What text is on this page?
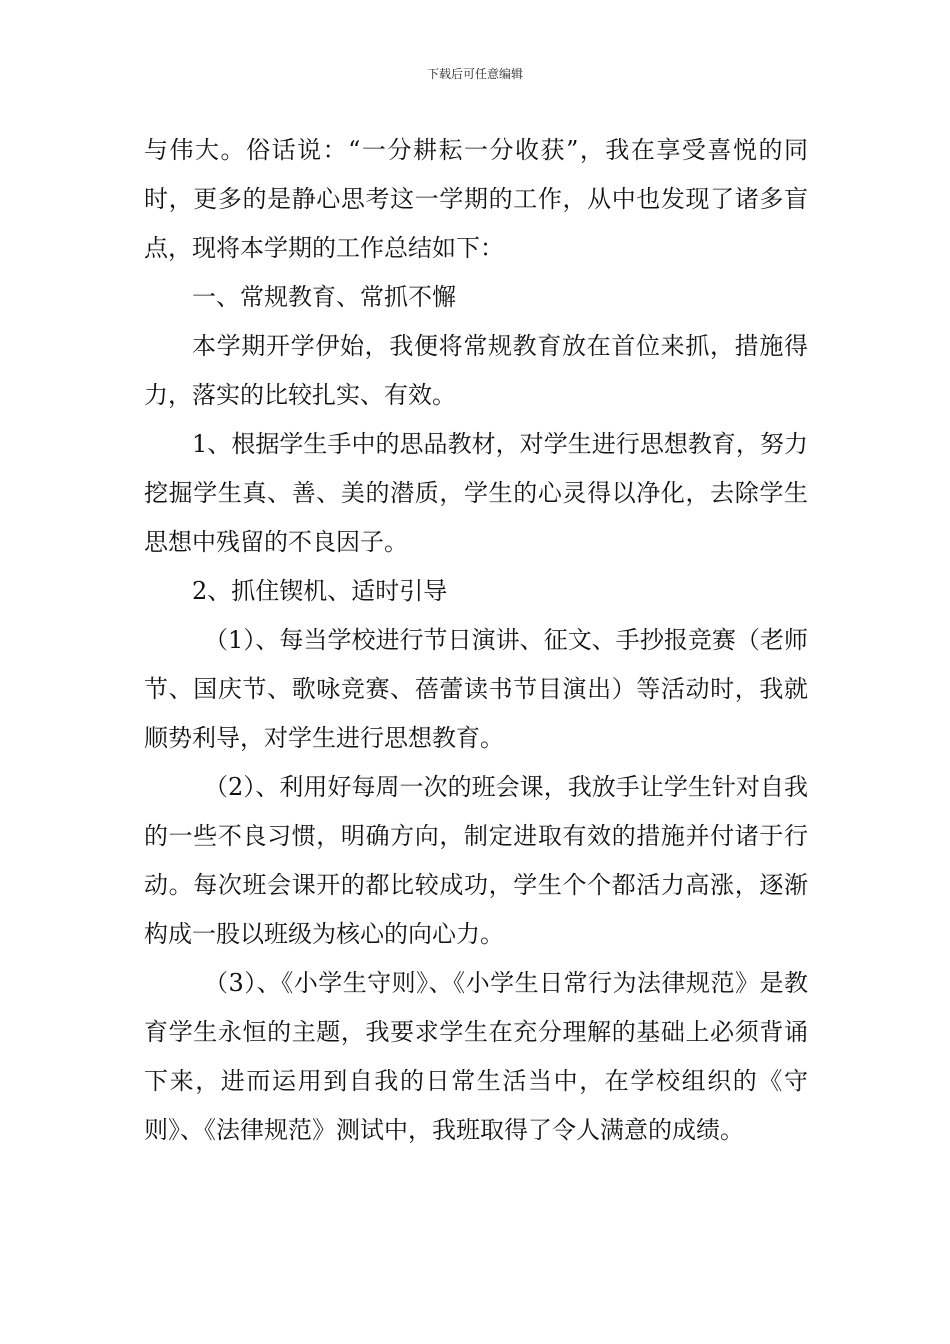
下载后可任意编辑

与伟大。俗话说：“一分耕耘一分收获”，我在享受喜悦的同时，更多的是静心思考这一学期的工作，从中也发现了诸多盲点，现将本学期的工作总结如下：

一、常规教育、常抓不懈

本学期开学伊始，我便将常规教育放在首位来抓，措施得力，落实的比较扎实、有效。

1、根据学生手中的思品教材，对学生进行思想教育，努力挖掘学生真、善、美的潜质，学生的心灵得以净化，去除学生思想中残留的不良因子。

2、抓住锲机、适时引导

（1）、每当学校进行节日演讲、征文、手抄报竞赛（老师节、国庆节、歌咏竞赛、蓓蕾读书节目演出）等活动时，我就顺势利导，对学生进行思想教育。

（2）、利用好每周一次的班会课，我放手让学生针对自我的一些不良习惯，明确方向，制定进取有效的措施并付诸于行动。每次班会课开的都比较成功，学生个个都活力高涨，逐渐构成一股以班级为核心的向心力。

（3）、《小学生守则》、《小学生日常行为法律规范》是教育学生永恒的主题，我要求学生在充分理解的基础上必须背诵下来，进而运用到自我的日常生活当中，在学校组织的《守则》、《法律规范》测试中，我班取得了令人满意的成绩。
